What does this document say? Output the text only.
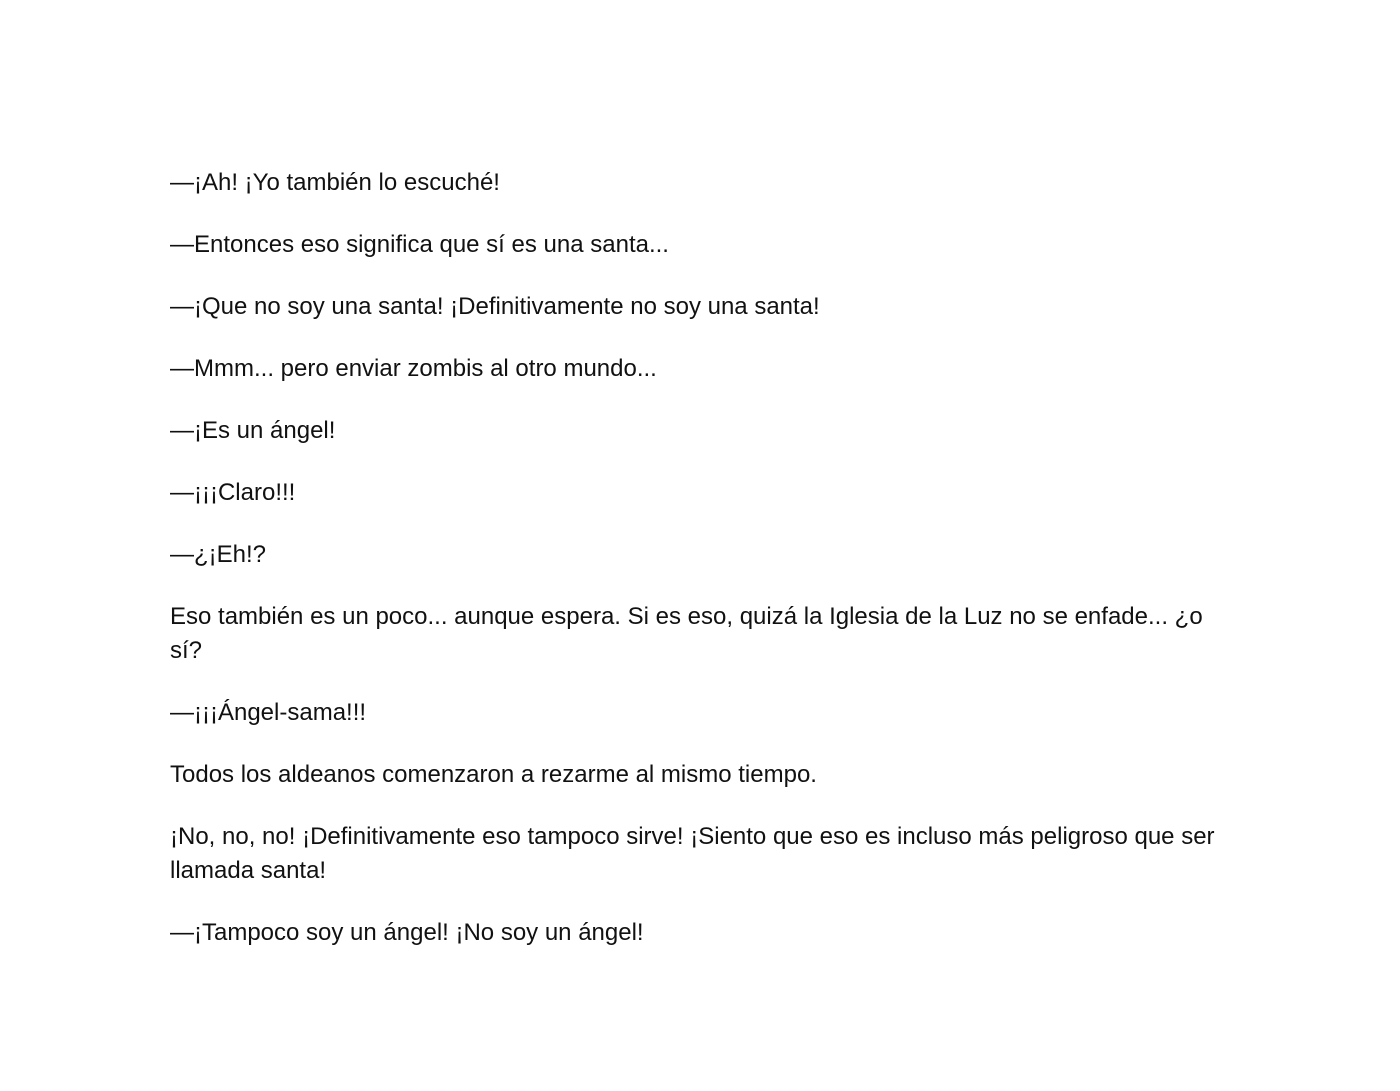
—¡Ah! ¡Yo también lo escuché!

—Entonces eso significa que sí es una santa...

—¡Que no soy una santa! ¡Definitivamente no soy una santa!

—Mmm... pero enviar zombis al otro mundo...

—¡Es un ángel!

—¡¡¡Claro!!!

—¿¡Eh!?

Eso también es un poco... aunque espera. Si es eso, quizá la Iglesia de la Luz no se enfade... ¿o sí?

—¡¡¡Ángel-sama!!!

Todos los aldeanos comenzaron a rezarme al mismo tiempo.

¡No, no, no! ¡Definitivamente eso tampoco sirve! ¡Siento que eso es incluso más peligroso que ser llamada santa!

—¡Tampoco soy un ángel! ¡No soy un ángel!
